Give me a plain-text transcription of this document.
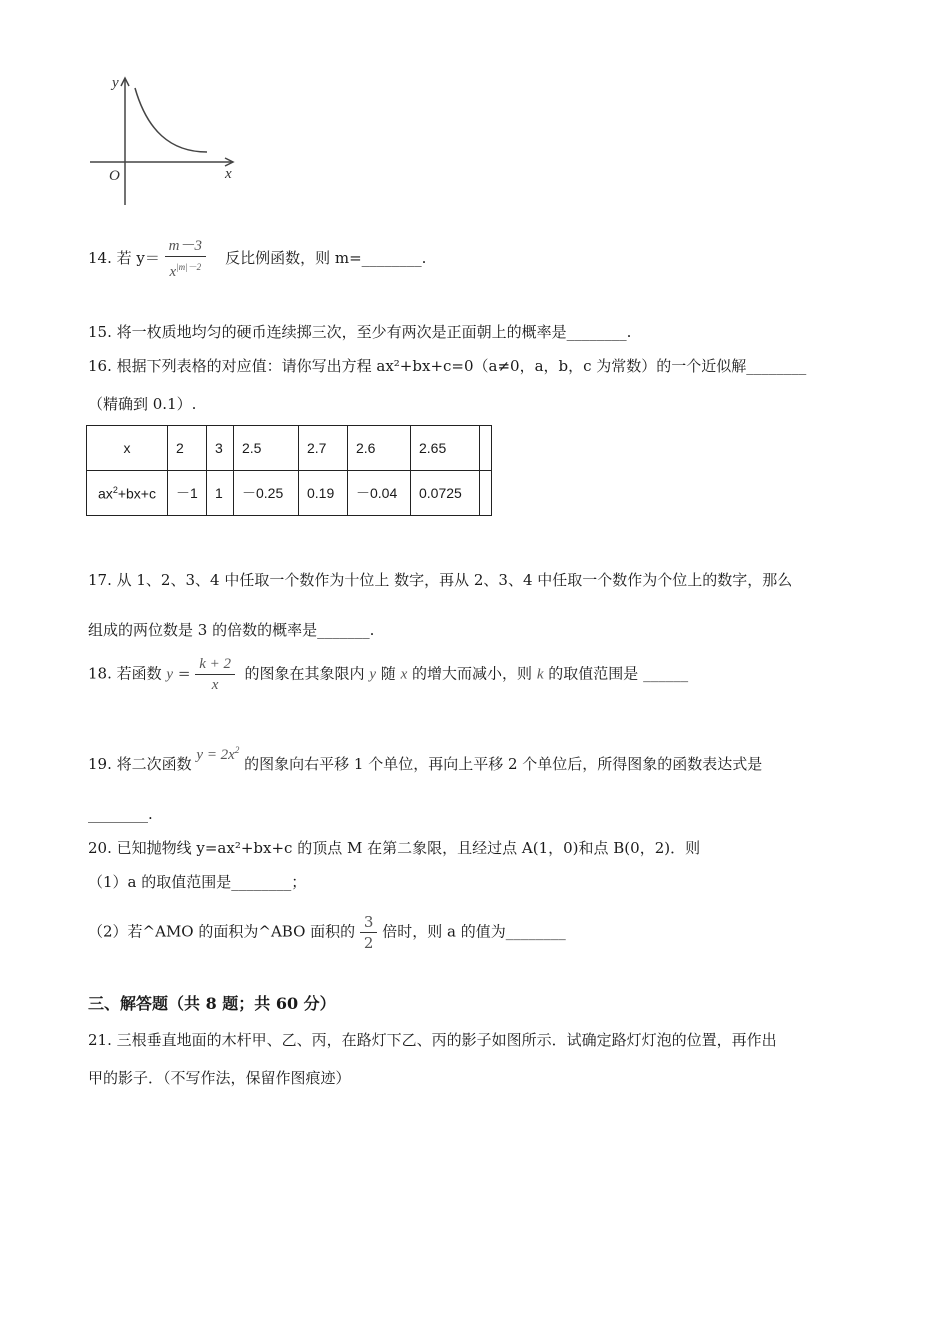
y
x
O
14. 若 $y= \frac{m-3}{x^{|m|-2}}$ 反比例函数，则 m=________.
15. 将一枚质地均匀的硬币连续掷三次，至少有两次是正面朝上的概率是________.
16. 根据下列表格的对应值：请你写出方程 ax²+bx+c=0（a≠0，a，b，c 为常数）的一个近似解________
（精确到 0.1）.
x	2	3	2.5	2.7	2.6	2.65	
$ax^2+bx+c$	－1	1	－0.25	0.19	－0.04	0.0725	
17. 从 1、2、3、4 中任取一个数作为十位上 数字，再从 2、3、4 中任取一个数作为个位上的数字，那么
组成的两位数是 3 的倍数的概率是_______.
18. 若函数 $y = \frac{k + 2}{x}$ 的图象在其象限内 y 随 x 的增大而减小，则 k 的取值范围是 ______
19. 将二次函数 $y = 2x^2$ 的图象向右平移 1 个单位，再向上平移 2 个单位后，所得图象的函数表达式是
________.
20. 已知抛物线 y=ax²+bx+c 的顶点 M 在第二象限，且经过点 A(1，0)和点 B(0，2)．则
（1）a 的取值范围是________；
（2）若^AMO 的面积为^ABO 面积的 $\frac{3}{2}$ 倍时，则 a 的值为________
三、解答题（共 8 题；共 60 分）
21. 三根垂直地面的木杆甲、乙、丙，在路灯下乙、丙的影子如图所示．试确定路灯灯泡的位置，再作出
甲的影子．（不写作法，保留作图痕迹）
